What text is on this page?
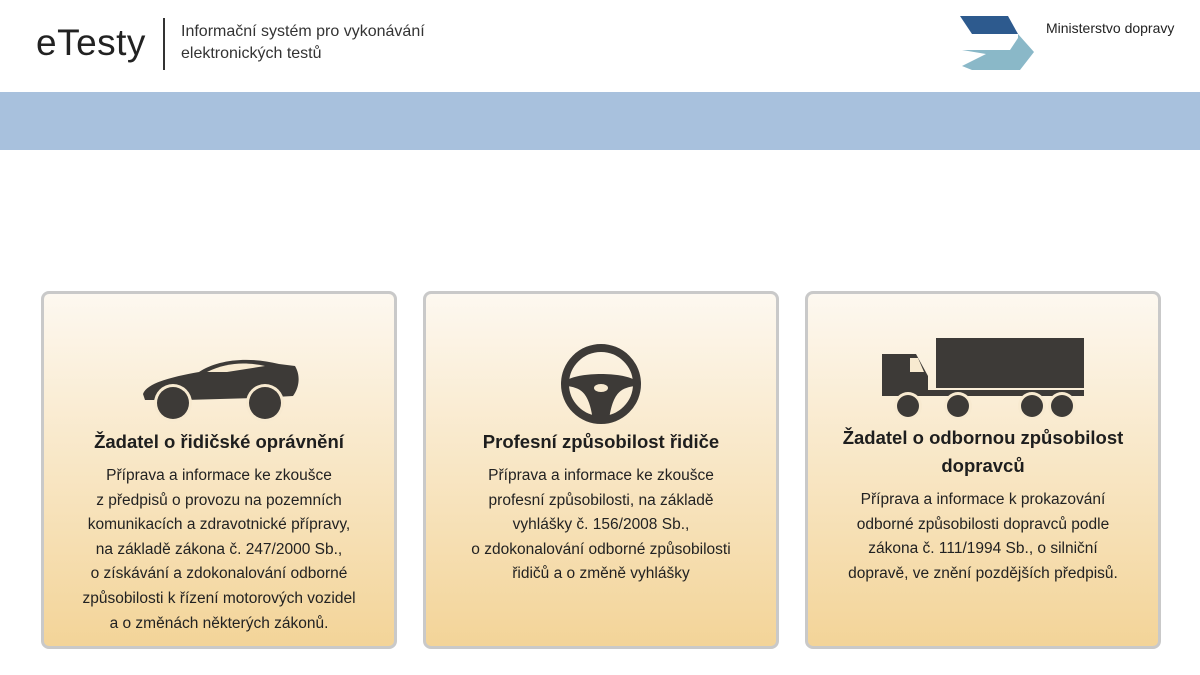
eTesty Informační systém pro vykonávání
elektronických testů
Ministerstvo dopravy
Žadatel o řidičské oprávnění
Příprava a informace ke zkoušce
z předpisů o provozu na pozemních
komunikacích a zdravotnické přípravy,
na základě zákona č. 247/2000 Sb.,
o získávání a zdokonalování odborné
způsobilosti k řízení motorových vozidel
a o změnách některých zákonů.
Profesní způsobilost řidiče
Příprava a informace ke zkoušce
profesní způsobilosti, na základě
vyhlášky č. 156/2008 Sb.,
o zdokonalování odborné způsobilosti
řidičů a o změně vyhlášky
Žadatel o odbornou způsobilost
dopravců
Příprava a informace k prokazování
odborné způsobilosti dopravců podle
zákona č. 111/1994 Sb., o silniční
dopravě, ve znění pozdějších předpisů.
